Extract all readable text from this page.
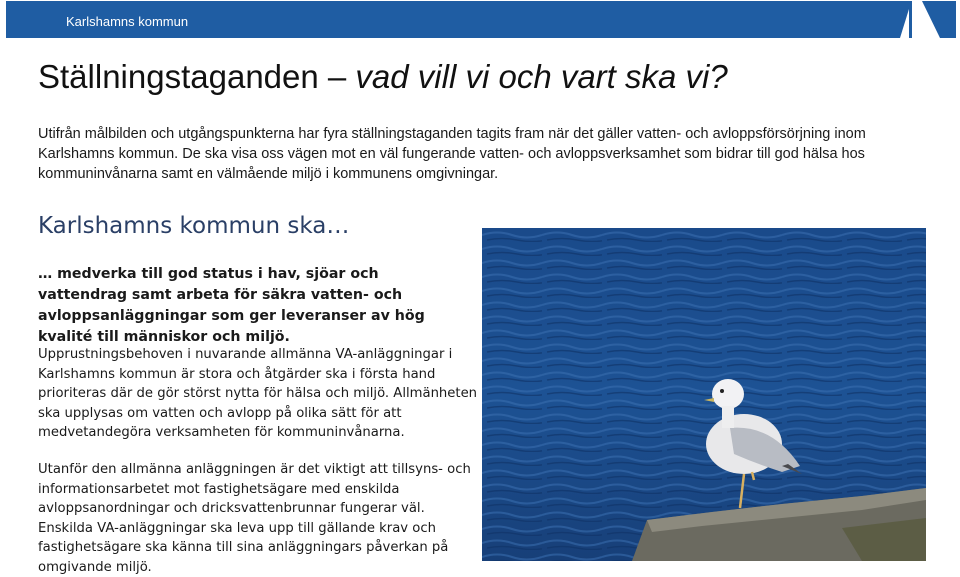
Karlshamns kommun
Ställningstaganden – vad vill vi och vart ska vi?
Utifrån målbilden och utgångspunkterna har fyra ställningstaganden tagits fram när det gäller vatten- och avloppsförsörjning inom Karlshamns kommun. De ska visa oss vägen mot en väl fungerande vatten- och avloppsverksamhet som bidrar till god hälsa hos kommuninvånarna samt en välmående miljö i kommunens omgivningar.
Karlshamns kommun ska…
… medverka till god status i hav, sjöar och vattendrag samt arbeta för säkra vatten- och avloppsanläggningar som ger leveranser av hög kvalité till människor och miljö.
Upprustningsbehoven i nuvarande allmänna VA-anläggningar i Karlshamns kommun är stora och åtgärder ska i första hand prioriteras där de gör störst nytta för hälsa och miljö. Allmänheten ska upplysas om vatten och avlopp på olika sätt för att medvetandegöra verksamheten för kommuninvånarna.
Utanför den allmänna anläggningen är det viktigt att tillsyns- och informationsarbetet mot fastighetsägare med enskilda avloppsanordningar och dricksvattenbrunnar fungerar väl. Enskilda VA-anläggningar ska leva upp till gällande krav och fastighetsägare ska känna till sina anläggningars påverkan på omgivande miljö.
